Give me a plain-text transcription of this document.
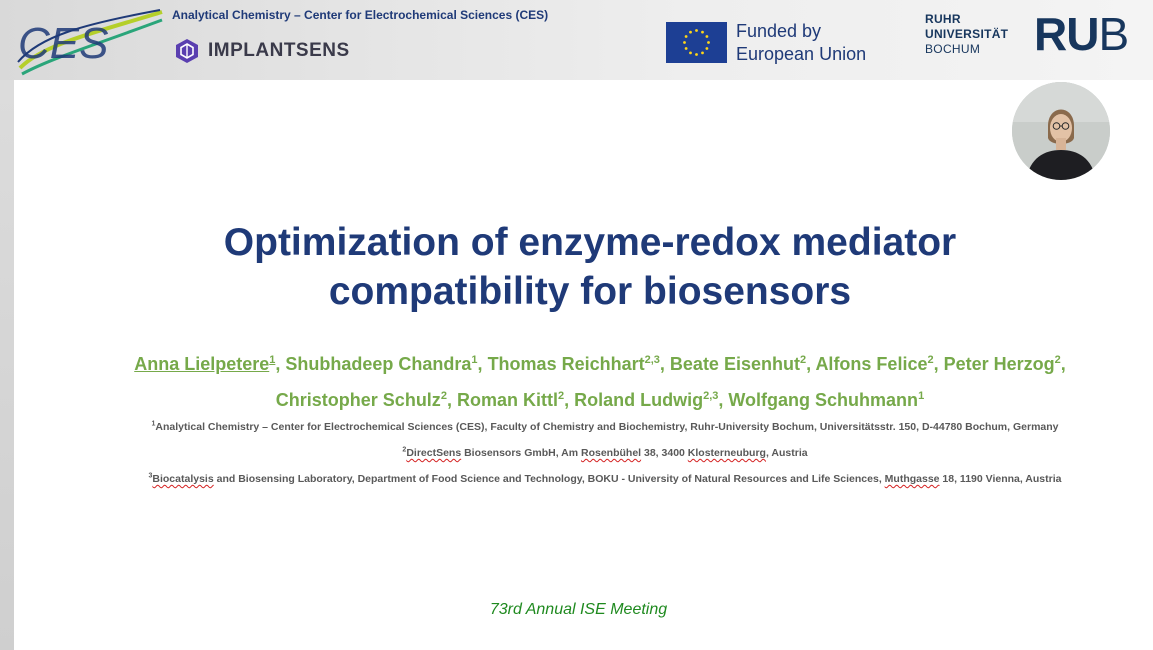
CES
Analytical Chemistry – Center for Electrochemical Sciences (CES)
IMPLANTSENS
Funded by
European Union
RUHR
UNIVERSITÄT
BOCHUM	RUB
Optimization of enzyme-redox mediator
compatibility for biosensors
Anna Lielpetere$^1$, Shubhadeep Chandra$^1$, Thomas Reichhart$^{2,3}$, Beate Eisenhut$^2$, Alfons Felice$^2$, Peter Herzog$^2$, Christopher Schulz$^2$, Roman Kittl$^2$, Roland Ludwig$^{2,3}$, Wolfgang Schuhmann$^1$
$^1$Analytical Chemistry – Center for Electrochemical Sciences (CES), Faculty of Chemistry and Biochemistry, Ruhr-University Bochum, Universitätsstr. 150, D-44780 Bochum, Germany
$^2$DirectSens Biosensors GmbH, Am Rosenbühel 38, 3400 Klosterneuburg, Austria
$^3$Biocatalysis and Biosensing Laboratory, Department of Food Science and Technology, BOKU - University of Natural Resources and Life Sciences, Muthgasse 18, 1190 Vienna, Austria
73rd Annual ISE Meeting
